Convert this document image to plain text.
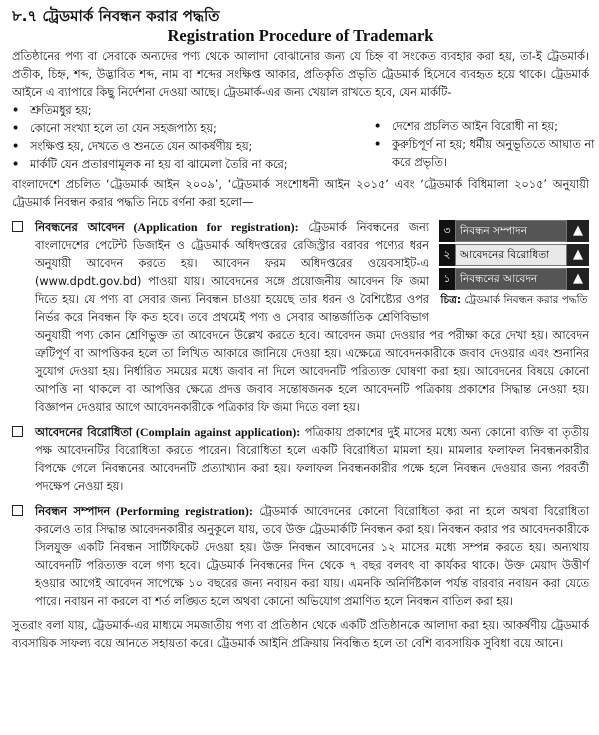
৮.৭ ট্রেডমার্ক নিবন্ধন করার পদ্ধতি
Registration Procedure of Trademark

প্রতিষ্ঠানের পণ্য বা সেবাকে অন্যদের পণ্য থেকে আলাদা বোঝানোর জন্য যে চিহ্ন বা সংকেত ব্যবহার করা হয়, তা-ই ট্রেডমার্ক। প্রতীক, চিহ্ন, শব্দ, উদ্ভাবিত শব্দ, নাম বা শব্দের সংক্ষিপ্ত আকার, প্রতিকৃতি প্রভৃতি ট্রেডমার্ক হিসেবে ব্যবহৃত হয়ে থাকে। ট্রেডমার্ক আইনে এ ব্যাপারে কিছু নির্দেশনা দেওয়া আছে। ট্রেডমার্ক-এর জন্য খেয়াল রাখতে হবে, যেন মার্কটি-

• শ্রুতিমধুর হয়;
• কোনো সংখ্যা হলে তা যেন সহজপাঠ্য হয়;
• সংক্ষিপ্ত হয়, দেখতে ও শুনতে যেন আকর্ষণীয় হয়;
• মার্কটি যেন প্রতারণামূলক না হয় বা ঝামেলা তৈরি না করে;
• দেশের প্রচলিত আইন বিরোধী না হয়;
• কুরুচিপূর্ণ না হয়; ধর্মীয় অনুভূতিতে আঘাত না করে প্রভৃতি।

বাংলাদেশে প্রচলিত ‘ট্রেডমার্ক আইন ২০০৯’, ‘ট্রেডমার্ক সংশোধনী আইন ২০১৫’ এবং ‘ট্রেডমার্ক বিধিমালা ২০১৫’ অনুযায়ী ট্রেডমার্ক নিবন্ধন করার পদ্ধতি নিচে বর্ণনা করা হলো—

৩ নিবন্ধন সম্পাদন	▲
২ আবেদনের বিরোধিতা	▲
১ নিবন্ধনের আবেদন	▲
চিত্র: ট্রেডমার্ক নিবন্ধন করার পদ্ধতি
নিবন্ধনের আবেদন (Application for registration): ট্রেডমার্ক নিবন্ধনের জন্য বাংলাদেশের পেটেন্ট ডিজাইন ও ট্রেডমার্ক অধিদপ্তরের রেজিস্ট্রার বরাবর পণ্যের ধরন অনুযায়ী আবেদন করতে হয়। আবেদন ফরম অধিদপ্তরের ওয়েবসাইট-এ (www.dpdt.gov.bd) পাওয়া যায়। আবেদনের সঙ্গে প্রয়োজনীয় আবেদন ফি জমা দিতে হয়। যে পণ্য বা সেবার জন্য নিবন্ধন চাওয়া হয়েছে তার ধরন ও বৈশিষ্ট্যের ওপর নির্ভর করে নিবন্ধন ফি কত হবে। তবে প্রথমেই পণ্য ও সেবার আন্তর্জাতিক শ্রেণিবিভাগ অনুযায়ী পণ্য কোন শ্রেণিভুক্ত তা আবেদনে উল্লেখ করতে হবে। আবেদন জমা দেওয়ার পর পরীক্ষা করে দেখা হয়। আবেদন ত্রুটিপূর্ণ বা আপত্তিকর হলে তা লিখিত আকারে জানিয়ে দেওয়া হয়। এক্ষেত্রে আবেদনকারীকে জবাব দেওয়ার এবং শুনানির সুযোগ দেওয়া হয়। নির্ধারিত সময়ের মধ্যে জবাব না দিলে আবেদনটি পরিত্যক্ত ঘোষণা করা হয়। আবেদনের বিষয়ে কোনো আপত্তি না থাকলে বা আপত্তির ক্ষেত্রে প্রদত্ত জবাব সন্তোষজনক হলে আবেদনটি পত্রিকায় প্রকাশের সিদ্ধান্ত নেওয়া হয়। বিজ্ঞাপন দেওয়ার আগে আবেদনকারীকে পত্রিকার ফি জমা দিতে বলা হয়।
আবেদনের বিরোধিতা (Complain against application): পত্রিকায় প্রকাশের দুই মাসের মধ্যে অন্য কোনো ব্যক্তি বা তৃতীয় পক্ষ আবেদনটির বিরোধিতা করতে পারেন। বিরোধিতা হলে একটি বিরোধিতা মামলা হয়। মামলার ফলাফল নিবন্ধনকারীর বিপক্ষে গেলে নিবন্ধনের আবেদনটি প্রত্যাখ্যান করা হয়। ফলাফল নিবন্ধনকারীর পক্ষে হলে নিবন্ধন দেওয়ার জন্য পরবর্তী পদক্ষেপ নেওয়া হয়।
নিবন্ধন সম্পাদন (Performing registration): ট্রেডমার্ক আবেদনের কোনো বিরোধিতা করা না হলে অথবা বিরোধিতা করলেও তার সিদ্ধান্ত আবেদনকারীর অনুকূলে যায়, তবে উক্ত ট্রেডমার্কটি নিবন্ধন করা হয়। নিবন্ধন করার পর আবেদনকারীকে সিলযুক্ত একটি নিবন্ধন সার্টিফিকেট দেওয়া হয়। উক্ত নিবন্ধন আবেদনের ১২ মাসের মধ্যে সম্পন্ন করতে হয়। অন্যথায় আবেদনটি পরিত্যক্ত বলে গণ্য হবে। ট্রেডমার্ক নিবন্ধনের দিন থেকে ৭ বছর বলবৎ বা কার্যকর থাকে। উক্ত মেয়াদ উত্তীর্ণ হওয়ার আগেই আবেদন সাপেক্ষে ১০ বছরের জন্য নবায়ন করা যায়। এমনকি অনির্দিষ্টকাল পর্যন্ত বারবার নবায়ন করা যেতে পারে। নবায়ন না করলে বা শর্ত লঙ্ঘিত হলে অথবা কোনো অভিযোগ প্রমাণিত হলে নিবন্ধন বাতিল করা হয়।

সুতরাং বলা যায়, ট্রেডমার্ক-এর মাধ্যমে সমজাতীয় পণ্য বা প্রতিষ্ঠান থেকে একটি প্রতিষ্ঠানকে আলাদা করা হয়। আকর্ষণীয় ট্রেডমার্ক ব্যবসায়িক সাফল্য বয়ে আনতে সহায়তা করে। ট্রেডমার্ক আইনি প্রক্রিয়ায় নিবন্ধিত হলে তা বেশি ব্যবসায়িক সুবিধা বয়ে আনে।
